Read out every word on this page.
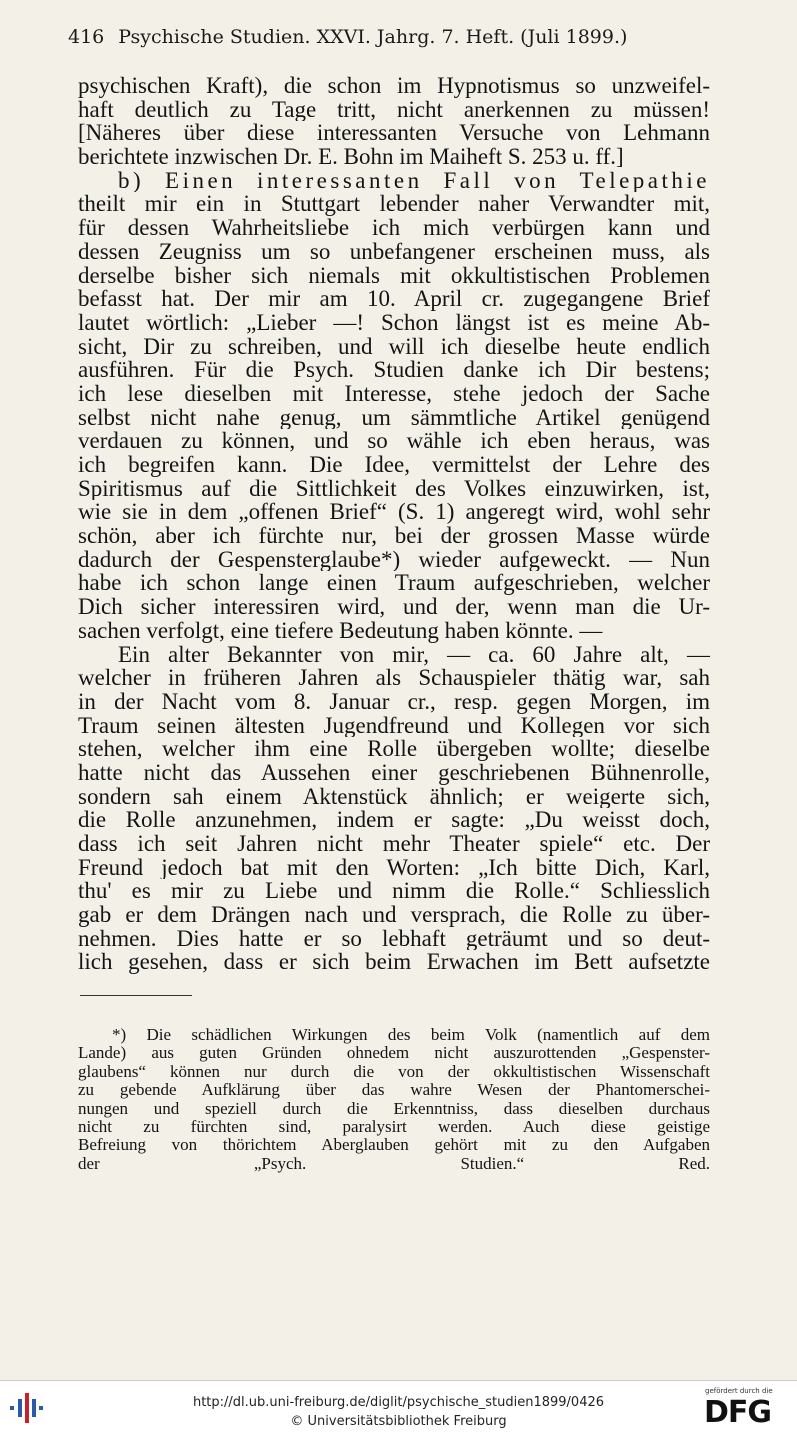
416 Psychische Studien. XXVI. Jahrg. 7. Heft. (Juli 1899.)
psychischen Kraft), die schon im Hypnotismus so unzweifel-
haft deutlich zu Tage tritt, nicht anerkennen zu müssen!
[Näheres über diese interessanten Versuche von Lehmann
berichtete inzwischen Dr. E. Bohn im Maiheft S. 253 u. ff.]
b) Einen interessanten Fall von Telepathie
theilt mir ein in Stuttgart lebender naher Verwandter mit,
für dessen Wahrheitsliebe ich mich verbürgen kann und
dessen Zeugniss um so unbefangener erscheinen muss, als
derselbe bisher sich niemals mit okkultistischen Problemen
befasst hat. Der mir am 10. April cr. zugegangene Brief
lautet wörtlich: „Lieber —! Schon längst ist es meine Ab-
sicht, Dir zu schreiben, und will ich dieselbe heute endlich
ausführen. Für die Psych. Studien danke ich Dir bestens;
ich lese dieselben mit Interesse, stehe jedoch der Sache
selbst nicht nahe genug, um sämmtliche Artikel genügend
verdauen zu können, und so wähle ich eben heraus, was
ich begreifen kann. Die Idee, vermittelst der Lehre des
Spiritismus auf die Sittlichkeit des Volkes einzuwirken, ist,
wie sie in dem „offenen Brief“ (S. 1) angeregt wird, wohl sehr
schön, aber ich fürchte nur, bei der grossen Masse würde
dadurch der Gespensterglaube*) wieder aufgeweckt. — Nun
habe ich schon lange einen Traum aufgeschrieben, welcher
Dich sicher interessiren wird, und der, wenn man die Ur-
sachen verfolgt, eine tiefere Bedeutung haben könnte. —
Ein alter Bekannter von mir, — ca. 60 Jahre alt, —
welcher in früheren Jahren als Schauspieler thätig war, sah
in der Nacht vom 8. Januar cr., resp. gegen Morgen, im
Traum seinen ältesten Jugendfreund und Kollegen vor sich
stehen, welcher ihm eine Rolle übergeben wollte; dieselbe
hatte nicht das Aussehen einer geschriebenen Bühnenrolle,
sondern sah einem Aktenstück ähnlich; er weigerte sich,
die Rolle anzunehmen, indem er sagte: „Du weisst doch,
dass ich seit Jahren nicht mehr Theater spiele“ etc. Der
Freund jedoch bat mit den Worten: „Ich bitte Dich, Karl,
thu' es mir zu Liebe und nimm die Rolle.“ Schliesslich
gab er dem Drängen nach und versprach, die Rolle zu über-
nehmen. Dies hatte er so lebhaft geträumt und so deut-
lich gesehen, dass er sich beim Erwachen im Bett aufsetzte
*) Die schädlichen Wirkungen des beim Volk (namentlich auf dem
Lande) aus guten Gründen ohnedem nicht auszurottenden „Gespenster-
glaubens“ können nur durch die von der okkultistischen Wissenschaft
zu gebende Aufklärung über das wahre Wesen der Phantomerschei-
nungen und speziell durch die Erkenntniss, dass dieselben durchaus
nicht zu fürchten sind, paralysirt werden. Auch diese geistige
Befreiung von thörichtem Aberglauben gehört mit zu den Aufgaben
der „Psych. Studien.“ Red.
http://dl.ub.uni-freiburg.de/diglit/psychische_studien1899/0426
© Universitätsbibliothek Freiburg
gefördert durch die
DFG
